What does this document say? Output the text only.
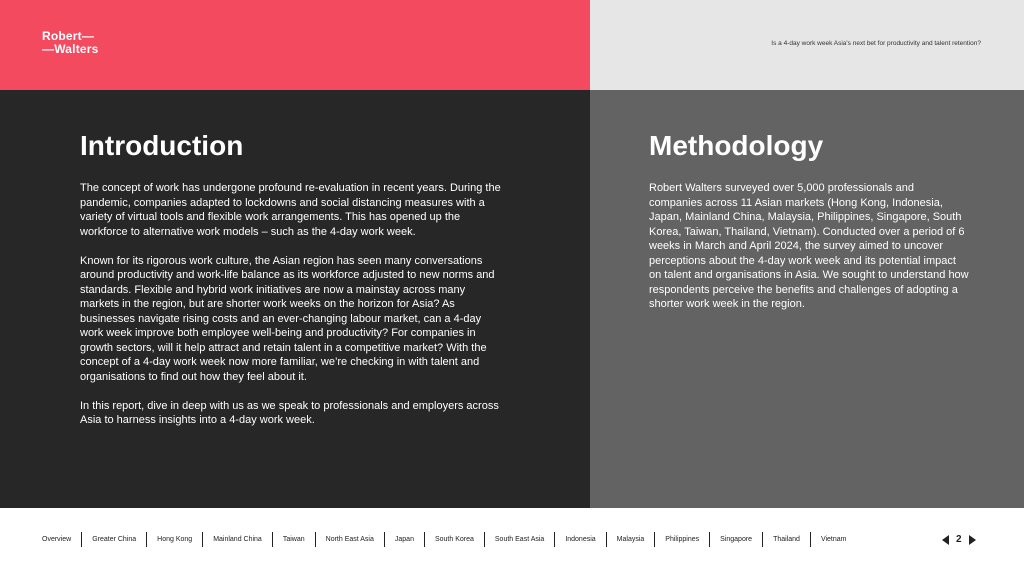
Robert—
—Walters	Is a 4-day work week Asia's next bet for productivity and talent retention?
Introduction

The concept of work has undergone profound re-evaluation in recent years. During the pandemic, companies adapted to lockdowns and social distancing measures with a variety of virtual tools and flexible work arrangements. This has opened up the workforce to alternative work models – such as the 4-day work week.

Known for its rigorous work culture, the Asian region has seen many conversations around productivity and work-life balance as its workforce adjusted to new norms and standards. Flexible and hybrid work initiatives are now a mainstay across many markets in the region, but are shorter work weeks on the horizon for Asia? As businesses navigate rising costs and an ever-changing labour market, can a 4-day work week improve both employee well-being and productivity? For companies in growth sectors, will it help attract and retain talent in a competitive market? With the concept of a 4-day work week now more familiar, we’re checking in with talent and organisations to find out how they feel about it.

In this report, dive in deep with us as we speak to professionals and employers across Asia to harness insights into a 4-day work week.

Methodology

Robert Walters surveyed over 5,000 professionals and companies across 11 Asian markets (Hong Kong, Indonesia, Japan, Mainland China, Malaysia, Philippines, Singapore, South Korea, Taiwan, Thailand, Vietnam). Conducted over a period of 6 weeks in March and April 2024, the survey aimed to uncover perceptions about the 4-day work week and its potential impact on talent and organisations in Asia. We sought to understand how respondents perceive the benefits and challenges of adopting a shorter work week in the region.

Overview	Greater China	Hong Kong	Mainland China	Taiwan	North East Asia	Japan	South Korea	South East Asia	Indonesia	Malaysia	Philippines	Singapore	Thailand	Vietnam	2
